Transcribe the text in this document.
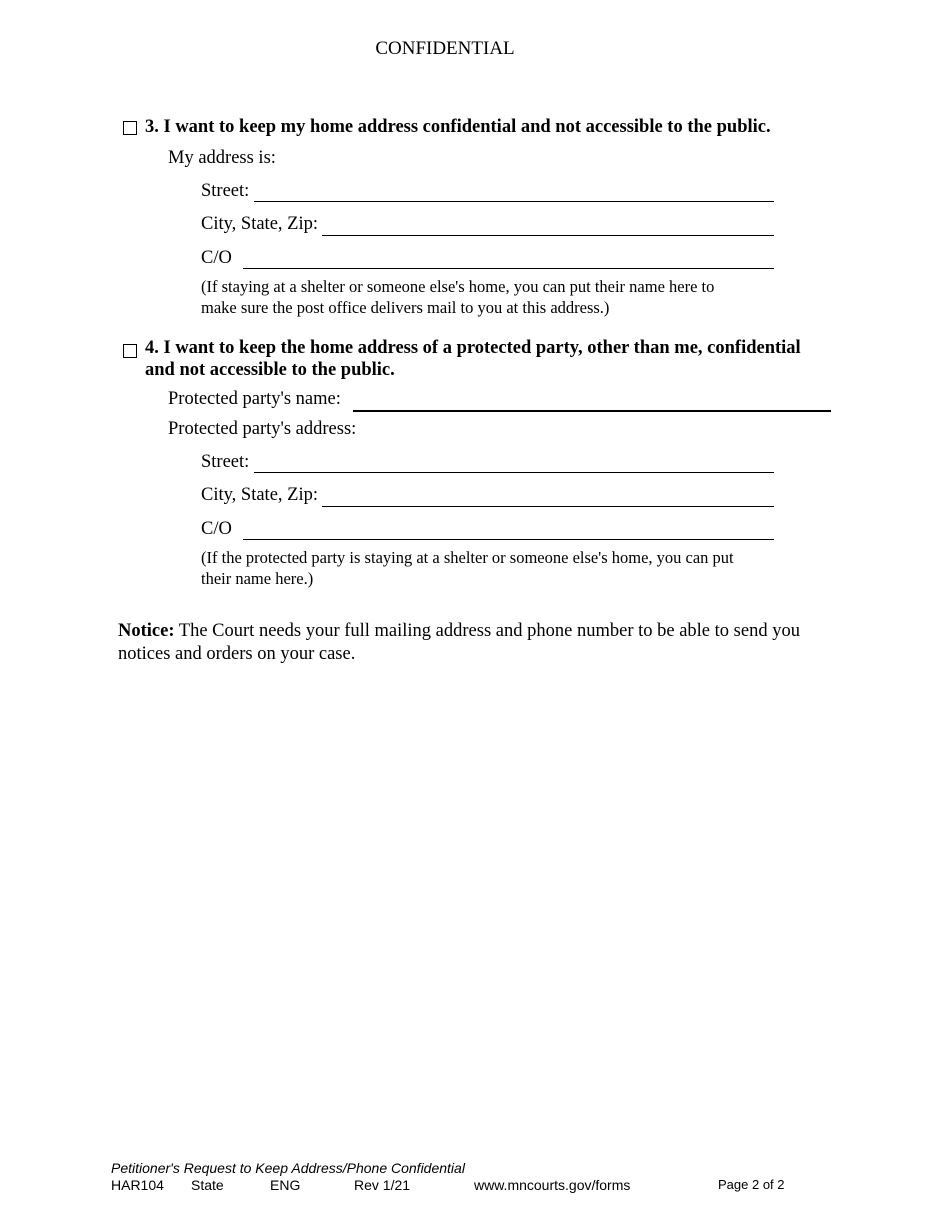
CONFIDENTIAL
3. I want to keep my home address confidential and not accessible to the public.
My address is:
Street:
City, State, Zip:
C/O
(If staying at a shelter or someone else's home, you can put their name here to
make sure the post office delivers mail to you at this address.)
4. I want to keep the home address of a protected party, other than me, confidential
and not accessible to the public.
Protected party's name:
Protected party's address:
Street:
City, State, Zip:
C/O
(If the protected party is staying at a shelter or someone else's home, you can put
their name here.)
Notice: The Court needs your full mailing address and phone number to be able to send you notices and orders on your case.
Petitioner's Request to Keep Address/Phone Confidential
HAR104 State	ENG	Rev 1/21	www.mncourts.gov/forms	Page 2 of 2
